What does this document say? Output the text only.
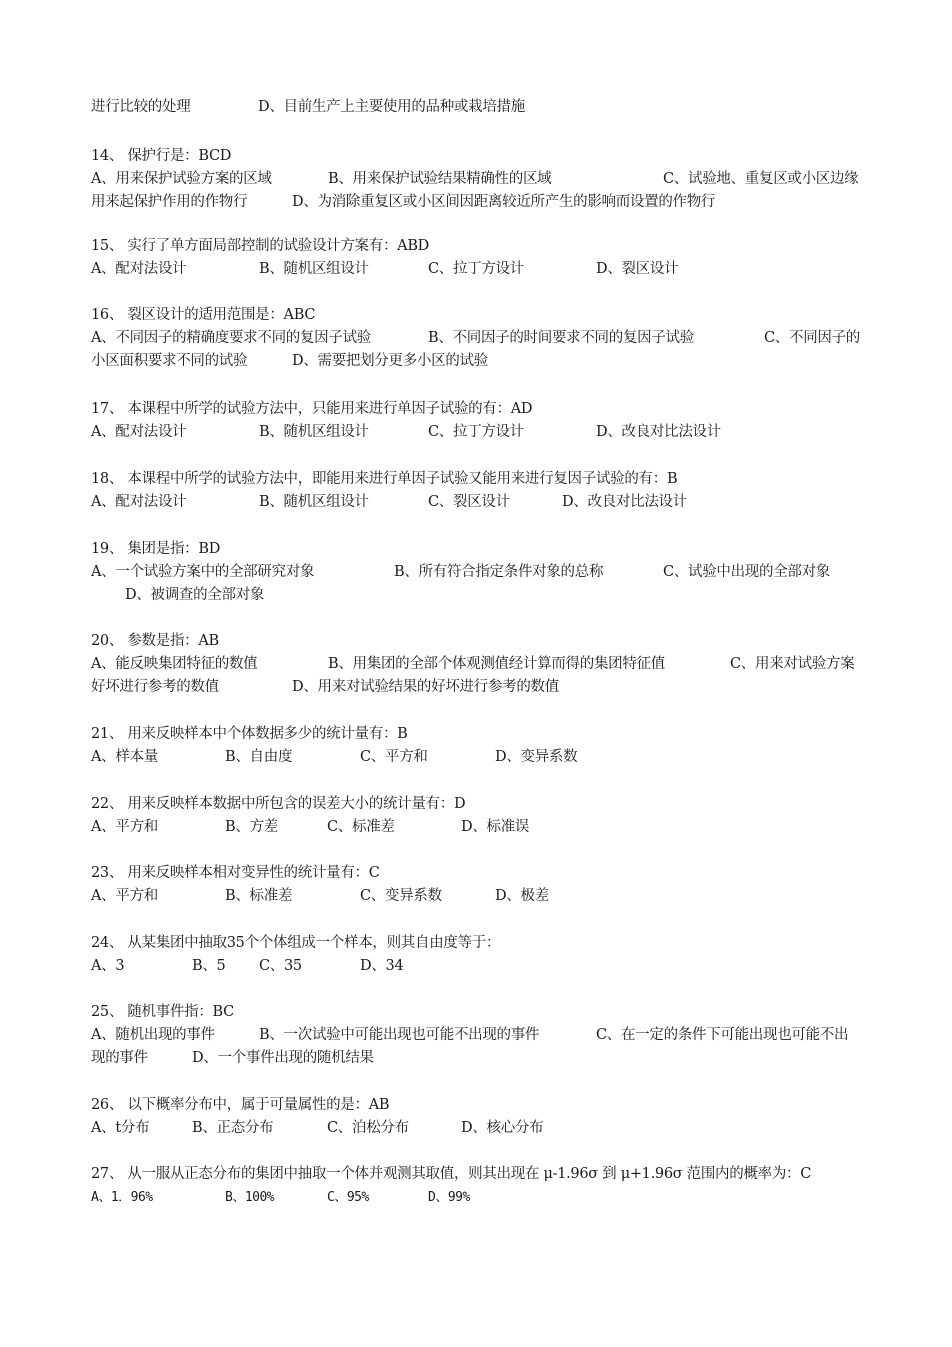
进行比较的处理	D、目前生产上主要使用的品种或栽培措施
14、 保护行是：BCD
A、用来保护试验方案的区域	B、用来保护试验结果精确性的区域	C、试验地、重复区或小区边缘
用来起保护作用的作物行	D、为消除重复区或小区间因距离较近所产生的影响而设置的作物行
15、 实行了单方面局部控制的试验设计方案有：ABD
A、配对法设计	B、随机区组设计	C、拉丁方设计	D、裂区设计
16、 裂区设计的适用范围是：ABC
A、不同因子的精确度要求不同的复因子试验	B、不同因子的时间要求不同的复因子试验	C、不同因子的
小区面积要求不同的试验	D、需要把划分更多小区的试验
17、 本课程中所学的试验方法中，只能用来进行单因子试验的有：AD
A、配对法设计	B、随机区组设计	C、拉丁方设计	D、改良对比法设计
18、 本课程中所学的试验方法中，即能用来进行单因子试验又能用来进行复因子试验的有：B
A、配对法设计	B、随机区组设计	C、裂区设计	D、改良对比法设计
19、 集团是指：BD
A、一个试验方案中的全部研究对象	B、所有符合指定条件对象的总称	C、试验中出现的全部对象
D、被调查的全部对象
20、 参数是指：AB
A、能反映集团特征的数值	B、用集团的全部个体观测值经计算而得的集团特征值	C、用来对试验方案
好坏进行参考的数值	D、用来对试验结果的好坏进行参考的数值
21、 用来反映样本中个体数据多少的统计量有：B
A、样本量	B、自由度	C、平方和	D、变异系数
22、 用来反映样本数据中所包含的误差大小的统计量有：D
A、平方和	B、方差	C、标准差	D、标准误
23、 用来反映样本相对变异性的统计量有：C
A、平方和	B、标准差	C、变异系数	D、极差
24、 从某集团中抽取35个个体组成一个样本，则其自由度等于：
A、3	B、5 C、35	D、34
25、 随机事件指：BC
A、随机出现的事件	B、一次试验中可能出现也可能不出现的事件	C、在一定的条件下可能出现也可能不出
现的事件	D、一个事件出现的随机结果
26、 以下概率分布中，属于可量属性的是：AB
A、t分布	B、正态分布	C、泊松分布	D、核心分布
27、 从一服从正态分布的集团中抽取一个体并观测其取值，则其出现在 μ-1.96σ 到 μ+1.96σ 范围内的概率为：C
A、1．96%	B、100%	C、95%	D、99%
